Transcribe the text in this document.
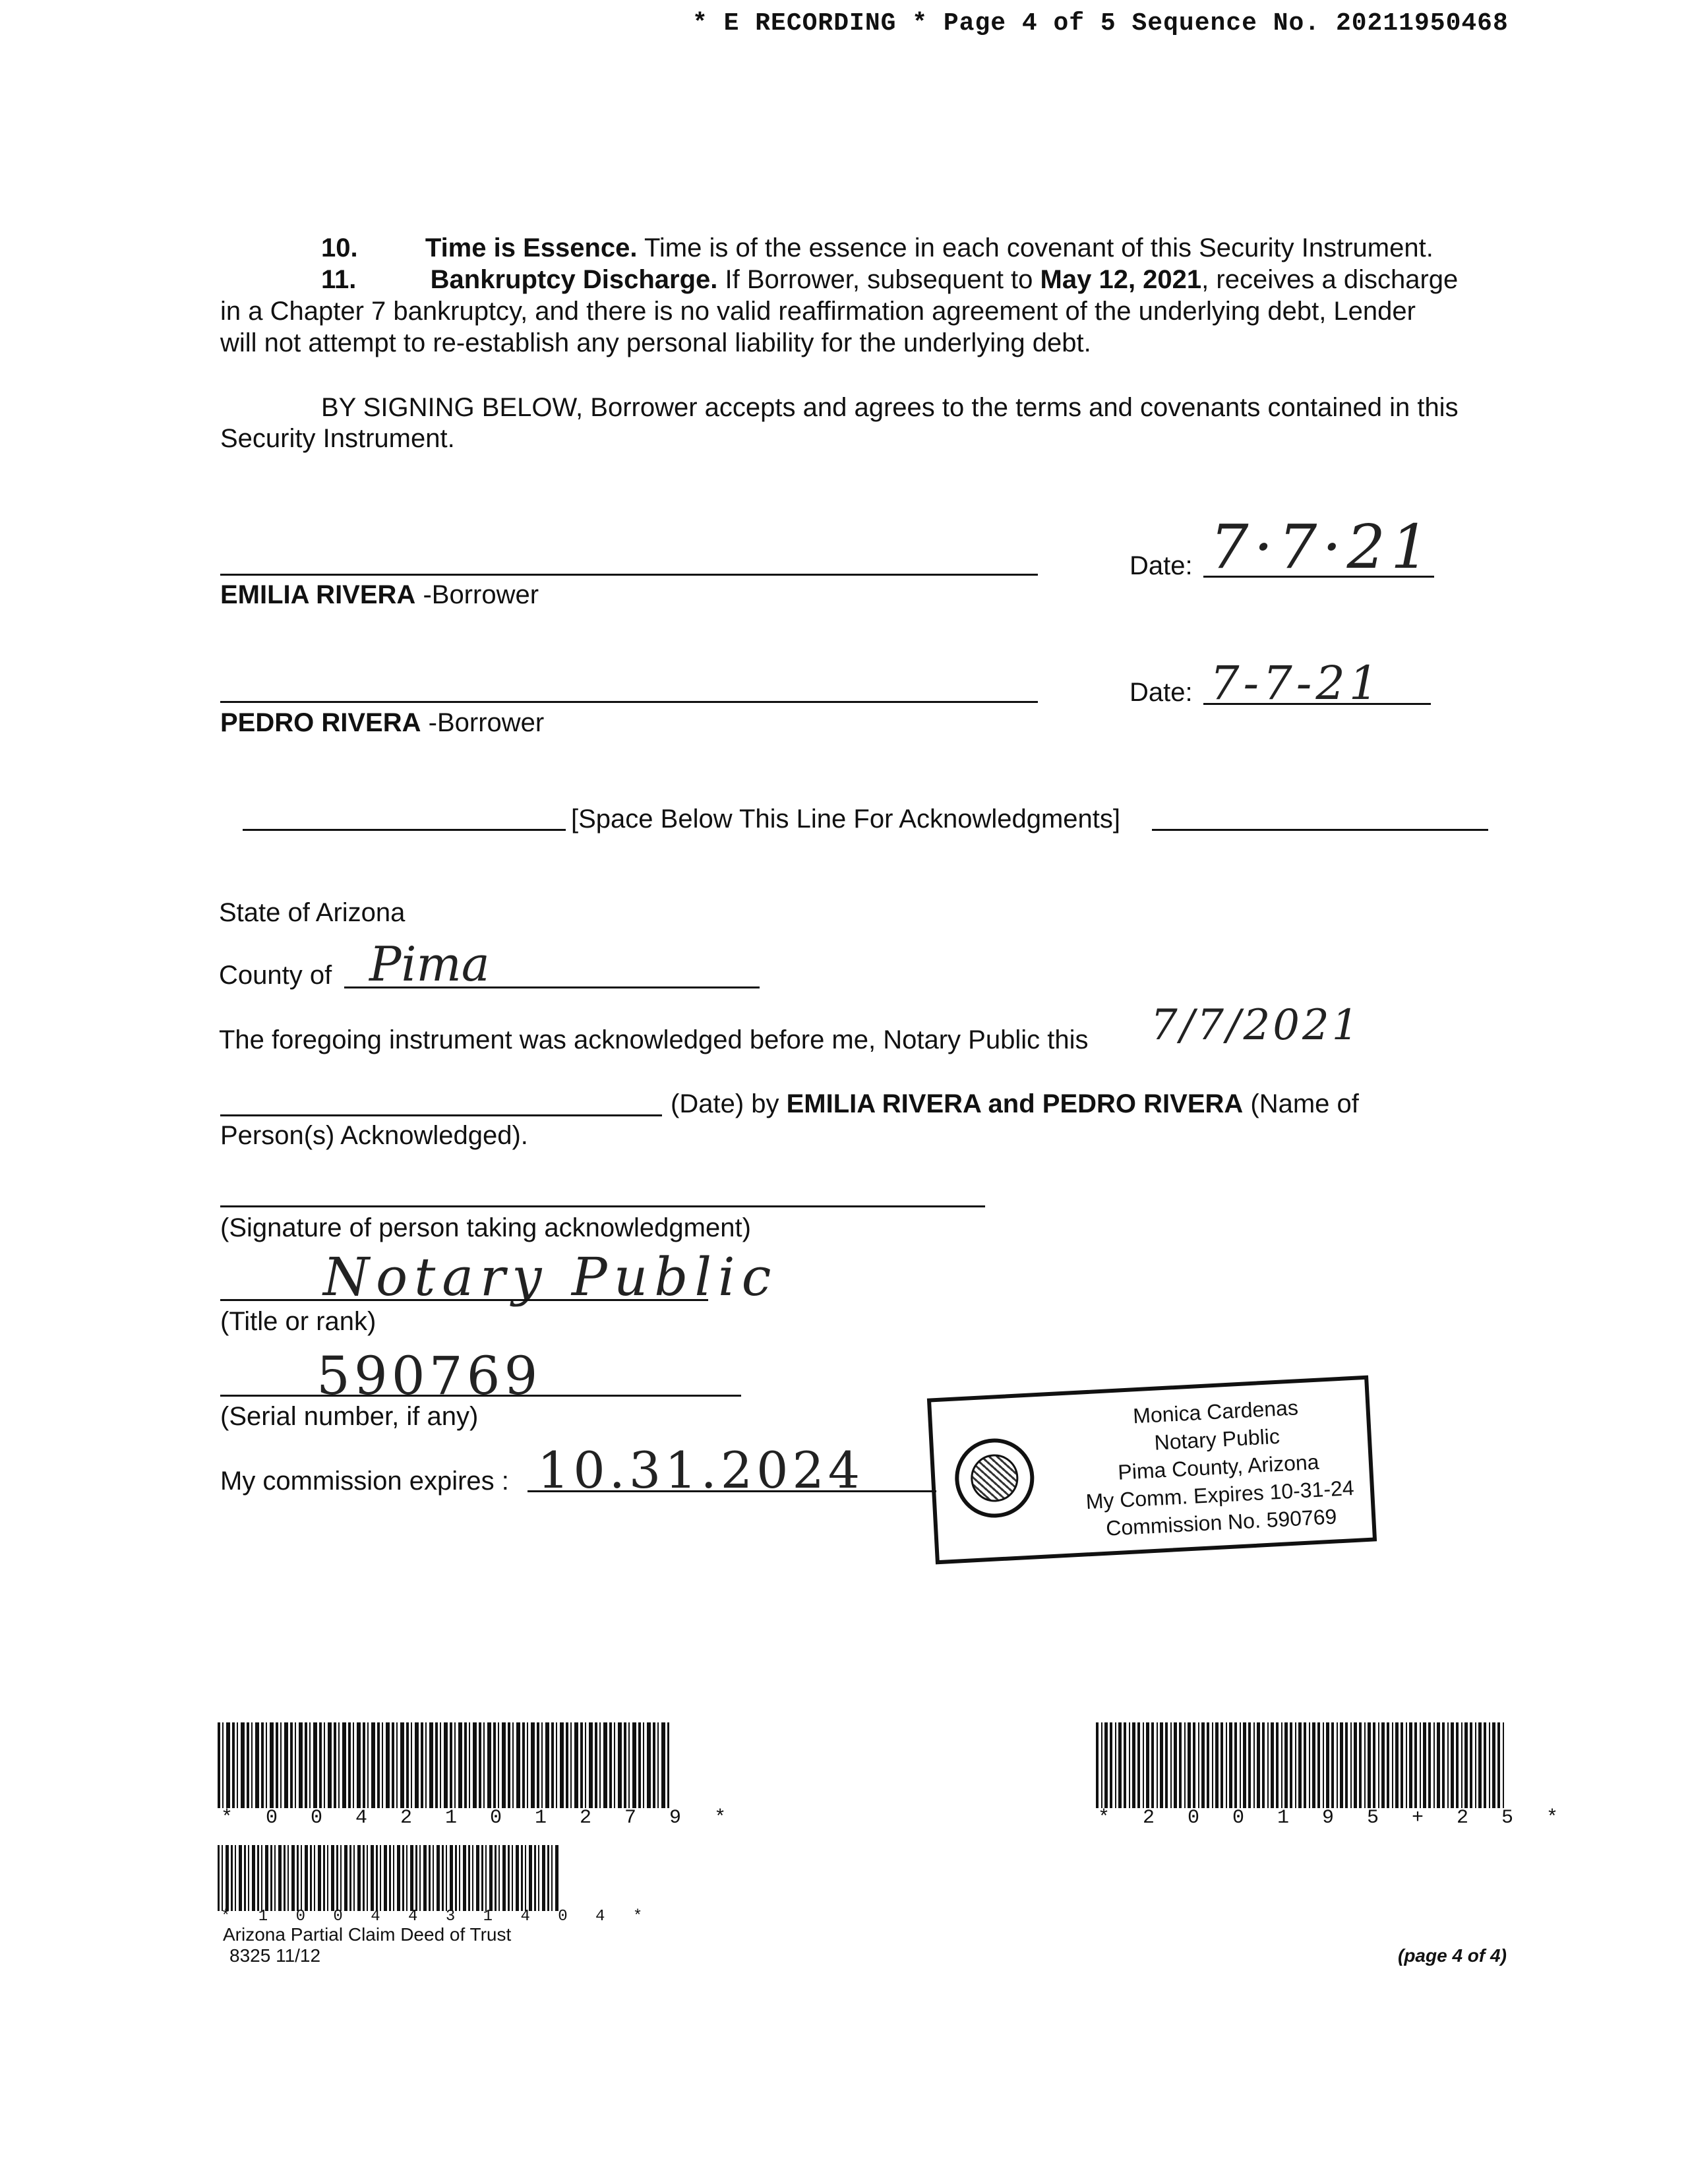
* E RECORDING * Page 4 of 5 Sequence No. 20211950468
10.	Time is Essence. Time is of the essence in each covenant of this Security Instrument.
11.	Bankruptcy Discharge. If Borrower, subsequent to May 12, 2021, receives a discharge
in a Chapter 7 bankruptcy, and there is no valid reaffirmation agreement of the underlying debt, Lender
will not attempt to re-establish any personal liability for the underlying debt.
BY SIGNING BELOW, Borrower accepts and agrees to the terms and covenants contained in this
Security Instrument.
EMILIA RIVERA -Borrower
Date: 7·7·21
PEDRO RIVERA -Borrower
Date: 7-7-21
[Space Below This Line For Acknowledgments]
State of Arizona
County of Pima
The foregoing instrument was acknowledged before me, Notary Public this 7/7/2021
(Date) by EMILIA RIVERA and PEDRO RIVERA (Name of
Person(s) Acknowledged).
(Signature of person taking acknowledgment)
Notary Public
(Title or rank)
590769
(Serial number, if any)
My commission expires : 10.31.2024
Monica Cardenas
Notary Public
Pima County, Arizona
My Comm. Expires 10-31-24
Commission No. 590769
* 0 0 4 2 1 0 1 2 7 9 *	* 2 0 0 1 9 5 + 2 5 *
* 1 0 0 4 4 3 1 4 0 4 *
Arizona Partial Claim Deed of Trust
8325 11/12	(page 4 of 4)
